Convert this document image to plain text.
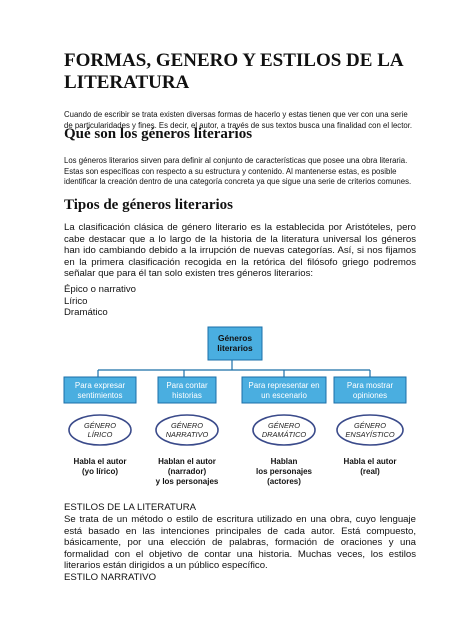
FORMAS, GENERO Y ESTILOS DE LA LITERATURA

Cuando de escribir se trata existen diversas formas de hacerlo y estas tienen que ver con una serie de particularidades y fines. Es decir, el autor, a través de sus textos busca una finalidad con el lector.

Qué son los géneros literarios

Los géneros literarios sirven para definir al conjunto de características que posee una obra literaria. Estas son específicas con respecto a su estructura y contenido. Al mantenerse estas, es posible identificar la creación dentro de una categoría concreta ya que sigue una serie de criterios comunes.

Tipos de géneros literarios

La clasificación clásica de género literario es la establecida por Aristóteles, pero cabe destacar que a lo largo de la historia de la literatura universal los géneros han ido cambiando debido a la irrupción de nuevas categorías. Así, si nos fijamos en la primera clasificación recogida en la retórica del filósofo griego podremos señalar que para él tan solo existen tres géneros literarios:

Épico o narrativo
Lírico
Dramático
Géneros
literarios
Para expresar
sentimientos
Para contar
historias
Para representar en
un escenario
Para mostrar
opiniones
GÉNERO
LÍRICO
GÉNERO
NARRATIVO
GÉNERO
DRAMÁTICO
GÉNERO
ENSAYÍSTICO
Habla el autor
(yo lírico)
Hablan el autor
(narrador)
y los personajes
Hablan
los personajes
(actores)
Habla el autor
(real)
ESTILOS DE LA LITERATURA

Se trata de un método o estilo de escritura utilizado en una obra, cuyo lenguaje está basado en las intenciones principales de cada autor. Está compuesto, básicamente, por una elección de palabras, formación de oraciones y una formalidad con el objetivo de contar una historia. Muchas veces, los estilos literarios están dirigidos a un público específico.

ESTILO NARRATIVO
